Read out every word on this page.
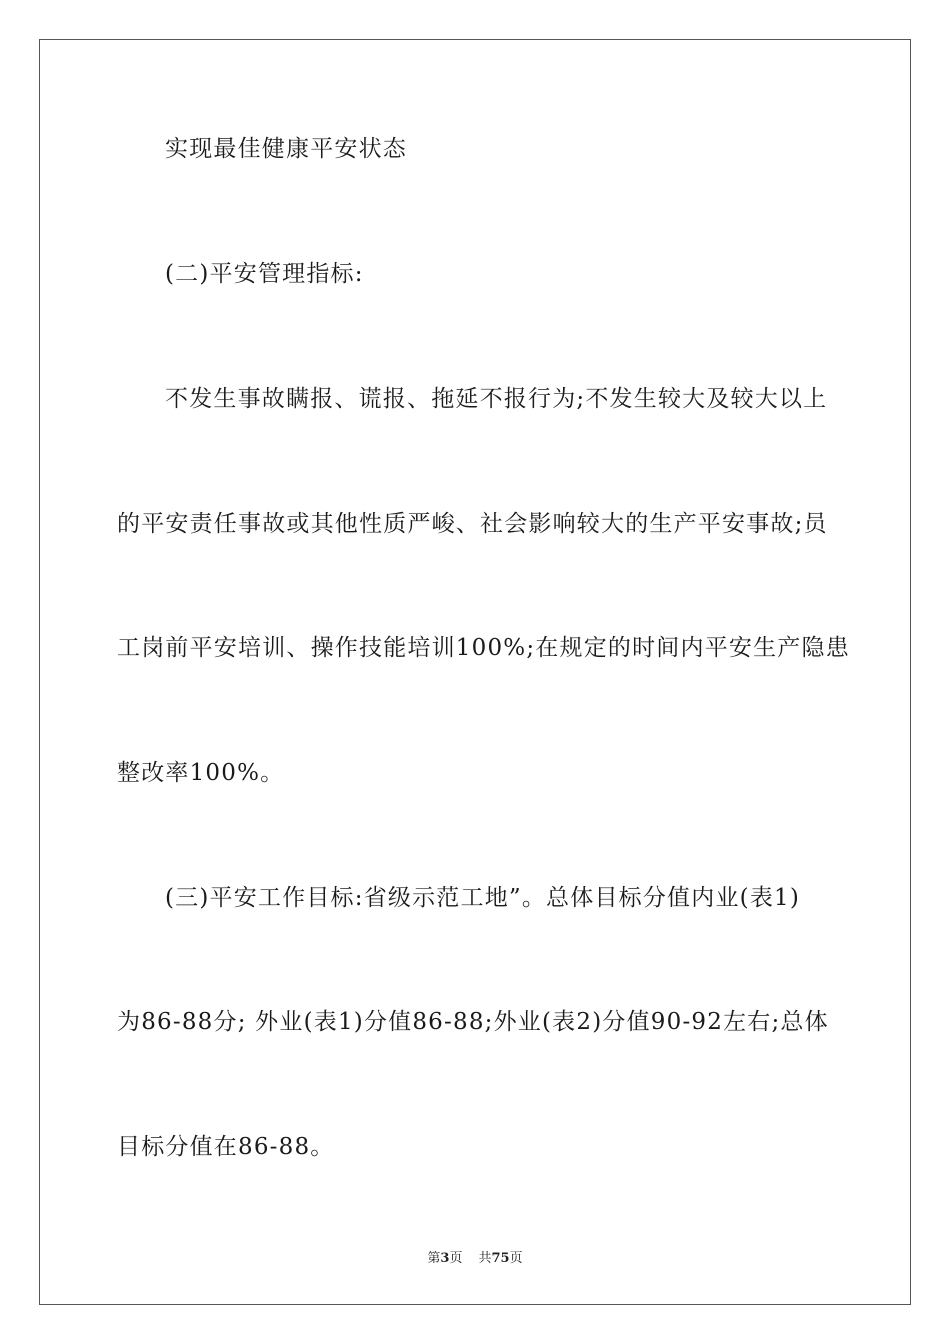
实现最佳健康平安状态
(二)平安管理指标:
不发生事故瞒报、谎报、拖延不报行为;不发生较大及较大以上
的平安责任事故或其他性质严峻、社会影响较大的生产平安事故;员
工岗前平安培训、操作技能培训100%;在规定的时间内平安生产隐患
整改率100%。
(三)平安工作目标:省级示范工地”。总体目标分值内业(表1)
为86-88分; 外业(表1)分值86-88;外业(表2)分值90-92左右;总体
目标分值在86-88。
第3页 共75页
